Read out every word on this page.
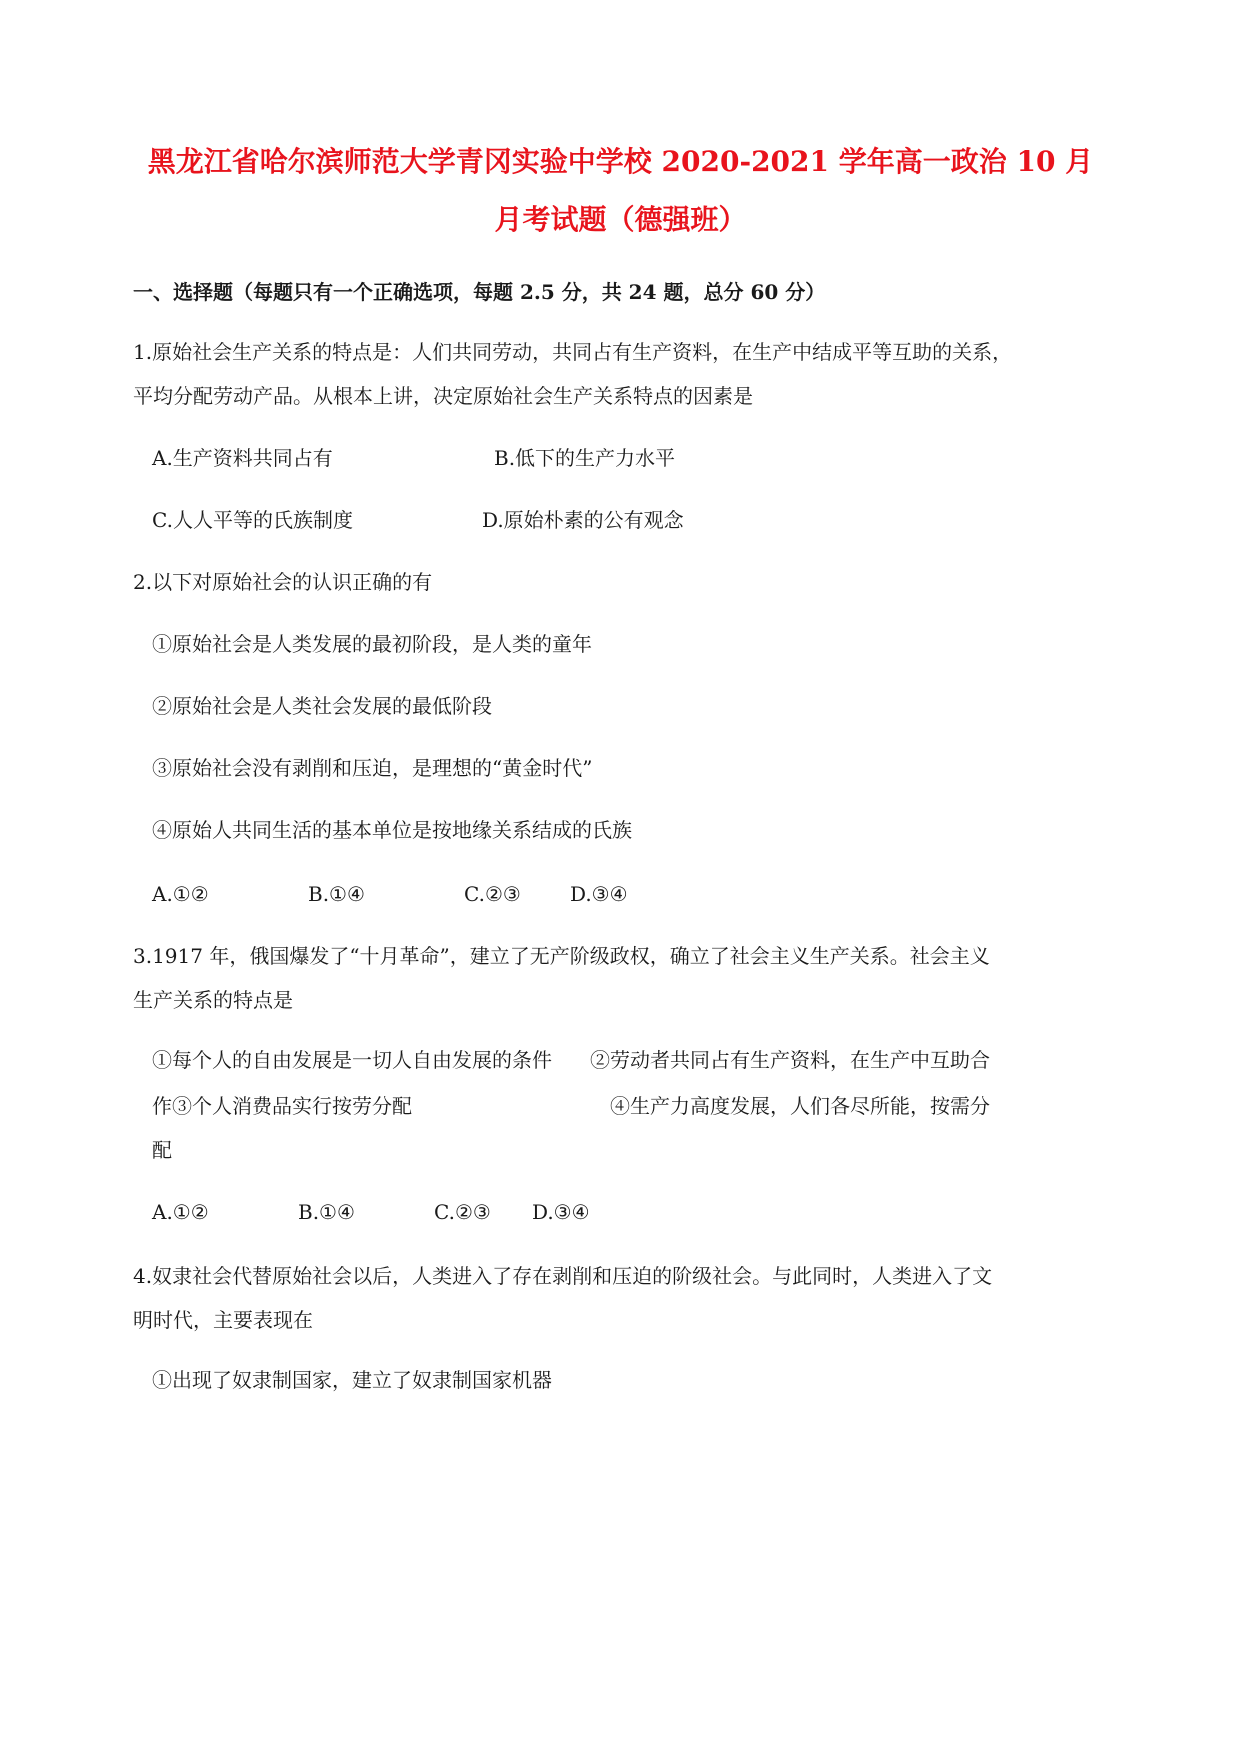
黑龙江省哈尔滨师范大学青冈实验中学校 2020-2021 学年高一政治 10 月
月考试题（德强班）
一、选择题（每题只有一个正确选项，每题 2.5 分，共 24 题，总分 60 分）
1.原始社会生产关系的特点是：人们共同劳动，共同占有生产资料，在生产中结成平等互助的关系，
平均分配劳动产品。从根本上讲，决定原始社会生产关系特点的因素是
A.生产资料共同占有	B.低下的生产力水平
C.人人平等的氏族制度	D.原始朴素的公有观念
2.以下对原始社会的认识正确的有
①原始社会是人类发展的最初阶段，是人类的童年
②原始社会是人类社会发展的最低阶段
③原始社会没有剥削和压迫，是理想的“黄金时代”
④原始人共同生活的基本单位是按地缘关系结成的氏族
A.①②	B.①④	C.②③ D.③④
3.1917 年，俄国爆发了“十月革命”，建立了无产阶级政权，确立了社会主义生产关系。社会主义
生产关系的特点是
①每个人的自由发展是一切人自由发展的条件 ②劳动者共同占有生产资料，在生产中互助合
作③个人消费品实行按劳分配	④生产力高度发展，人们各尽所能，按需分
配
A.①②	B.①④	C.②③ D.③④
4.奴隶社会代替原始社会以后，人类进入了存在剥削和压迫的阶级社会。与此同时，人类进入了文
明时代，主要表现在
①出现了奴隶制国家，建立了奴隶制国家机器
